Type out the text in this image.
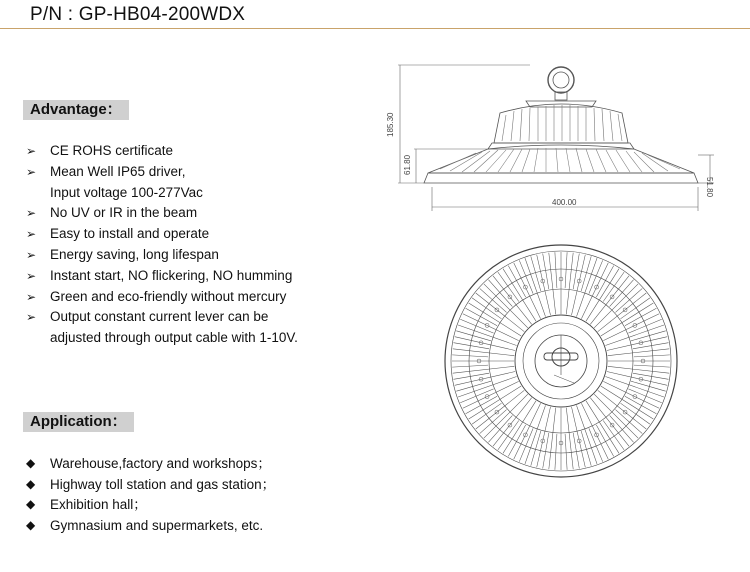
P/N : GP-HB04-200WDX
Advantage：
➢	CE ROHS certificate
➢	Mean Well IP65 driver,
Input voltage 100-277Vac
➢	No UV or IR in the beam
➢	Easy to install and operate
➢	Energy saving, long lifespan
➢	Instant start, NO flickering, NO humming
➢	Green and eco-friendly without mercury
➢	Output constant current lever can be
adjusted through output cable with 1-10V.
Application：
◆	Warehouse,factory and workshops；
◆	Highway toll station and gas station；
◆	Exhibition hall；
◆	Gymnasium and supermarkets, etc.
185.30
61.80
51.80
400.00
